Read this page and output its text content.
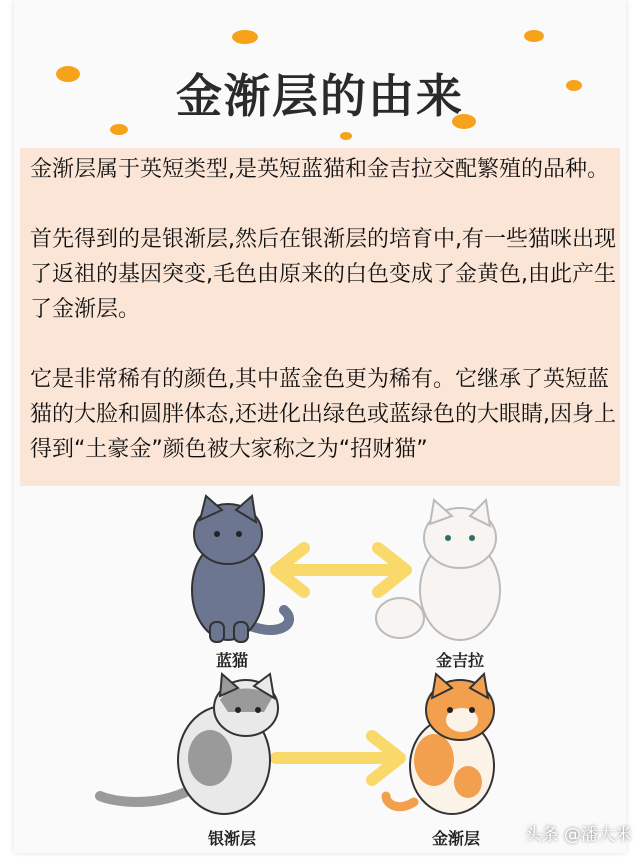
金渐层的由来
金渐层属于英短类型,是英短蓝猫和金吉拉交配繁殖的品种。
首先得到的是银渐层,然后在银渐层的培育中,有一些猫咪出现了返祖的基因突变,毛色由原来的白色变成了金黄色,由此产生了金渐层。
它是非常稀有的颜色,其中蓝金色更为稀有。它继承了英短蓝猫的大脸和圆胖体态,还进化出绿色或蓝绿色的大眼睛,因身上得到“土豪金”颜色被大家称之为“招财猫”
蓝猫	金吉拉
银渐层	金渐层	头条 @潘大米
